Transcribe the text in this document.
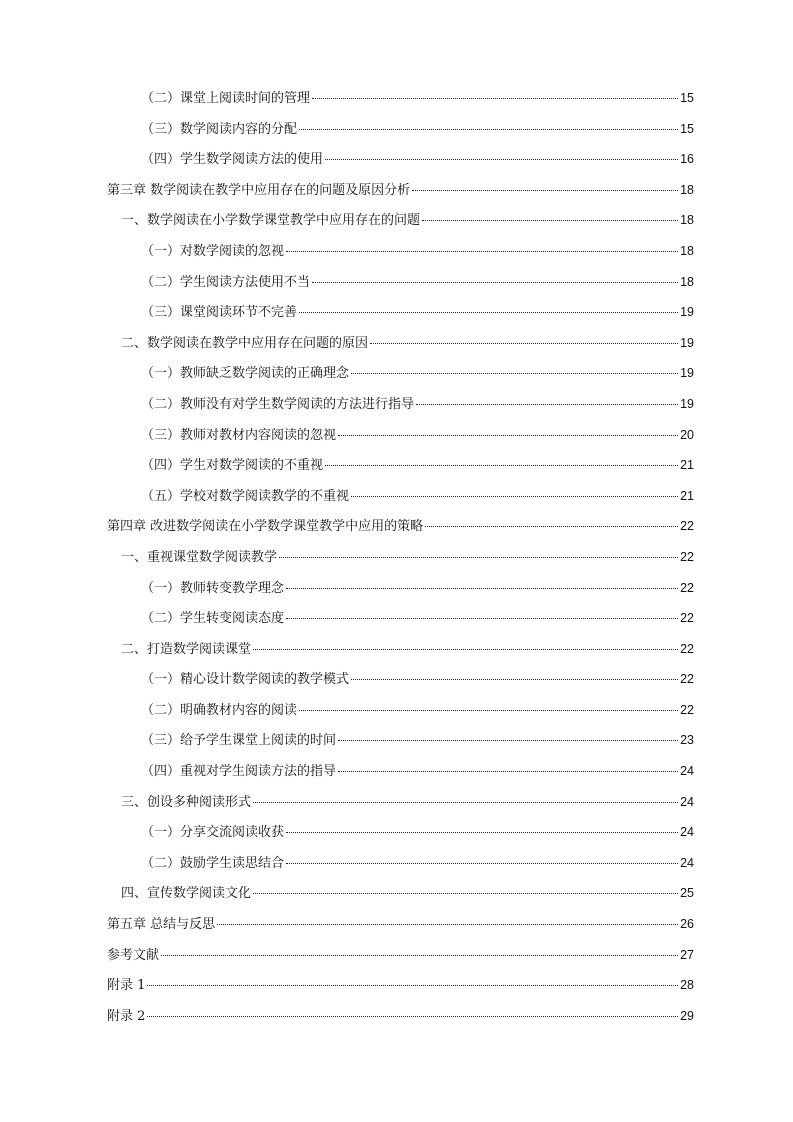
（二）课堂上阅读时间的管理	15
（三）数学阅读内容的分配	15
（四）学生数学阅读方法的使用	16
第三章 数学阅读在教学中应用存在的问题及原因分析	18
一、数学阅读在小学数学课堂教学中应用存在的问题	18
（一）对数学阅读的忽视	18
（二）学生阅读方法使用不当	18
（三）课堂阅读环节不完善	19
二、数学阅读在教学中应用存在问题的原因	19
（一）教师缺乏数学阅读的正确理念	19
（二）教师没有对学生数学阅读的方法进行指导	19
（三）教师对教材内容阅读的忽视	20
（四）学生对数学阅读的不重视	21
（五）学校对数学阅读教学的不重视	21
第四章 改进数学阅读在小学数学课堂教学中应用的策略	22
一、重视课堂数学阅读教学	22
（一）教师转变教学理念	22
（二）学生转变阅读态度	22
二、打造数学阅读课堂	22
（一）精心设计数学阅读的教学模式	22
（二）明确教材内容的阅读	22
（三）给予学生课堂上阅读的时间	23
（四）重视对学生阅读方法的指导	24
三、创设多种阅读形式	24
（一）分享交流阅读收获	24
（二）鼓励学生读思结合	24
四、宣传数学阅读文化	25
第五章 总结与反思	26
参考文献	27
附录 1	28
附录 2	29
